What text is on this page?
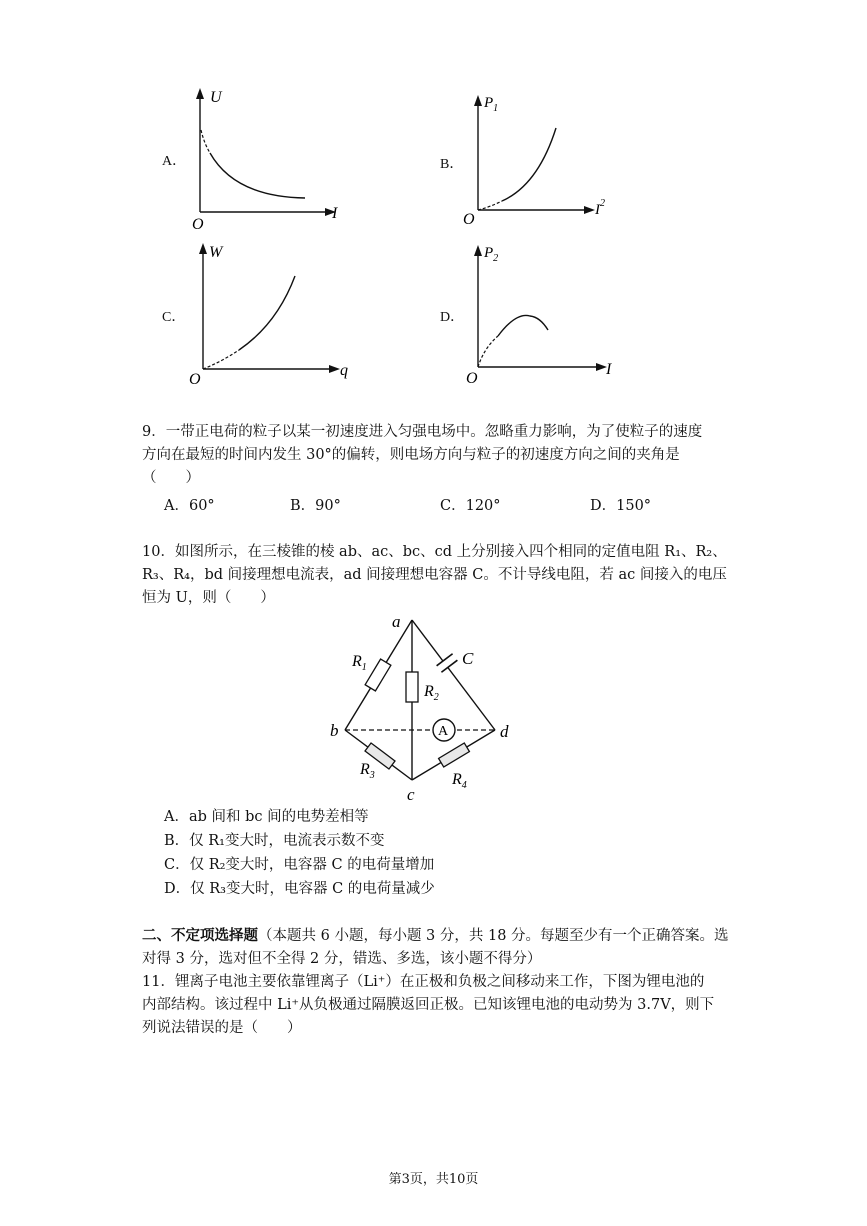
A．
U
I
O
B．
$P_1$
$I^2$
O
C．
W
q
O
D．
$P_2$
I
O
9．一带正电荷的粒子以某一初速度进入匀强电场中。忽略重力影响，为了使粒子的速度
方向在最短的时间内发生 30°的偏转，则电场方向与粒子的初速度方向之间的夹角是
（　　）
A．60°	B．90°	C．120°	D．150°
10．如图所示，在三棱锥的棱 ab、ac、bc、cd 上分别接入四个相同的定值电阻 R₁、R₂、
R₃、R₄，bd 间接理想电流表，ad 间接理想电容器 C。不计导线电阻，若 ac 间接入的电压
恒为 U，则（　　）
A
a
b
c
d
$R_1$
$R_2$
$R_3$	$R_4$
C
A．ab 间和 bc 间的电势差相等
B．仅 R₁变大时，电流表示数不变
C．仅 R₂变大时，电容器 C 的电荷量增加
D．仅 R₃变大时，电容器 C 的电荷量减少
二、不定项选择题（本题共 6 小题，每小题 3 分，共 18 分。每题至少有一个正确答案。选
对得 3 分，选对但不全得 2 分，错选、多选，该小题不得分）
11．锂离子电池主要依靠锂离子（Li⁺）在正极和负极之间移动来工作，下图为锂电池的
内部结构。该过程中 Li⁺从负极通过隔膜返回正极。已知该锂电池的电动势为 3.7V，则下
列说法错误的是（　　）
第3页，共10页
